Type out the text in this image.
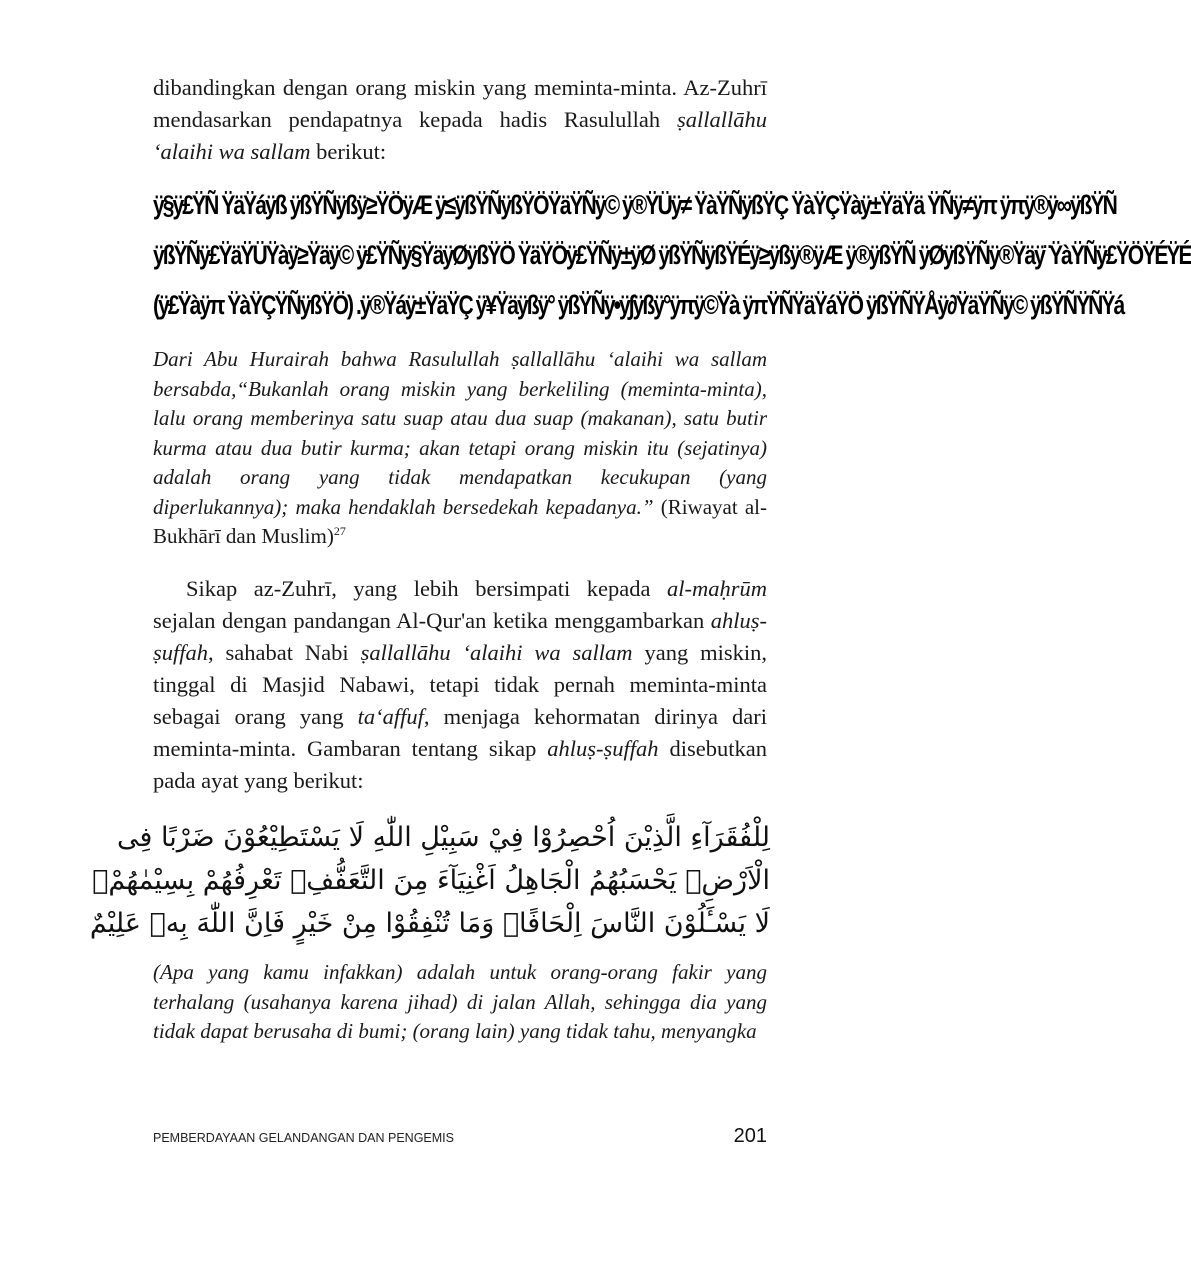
dibandingkan dengan orang miskin yang meminta-minta. Az-Zuhrī mendasarkan pendapatnya kepada hadis Rasulullah ṣallallāhu ‘alaihi wa sallam berikut:

ÿ§ÿ£ŸÑ ŸäŸáÿß ÿßŸÑÿßÿ≥ŸÖÿÆ ÿ≤ÿßŸÑÿßŸÖŸäŸÑÿ© ÿ®ŸÜÿ≠ ŸàŸÑÿßŸÇ ŸàŸÇŸàÿ±ŸäŸä ŸÑÿ≠ÿπ ÿπÿ®ÿ∞ÿßŸÑ
ÿßŸÑÿ£ŸäŸÜŸàÿ≥Ÿäÿ© ÿ£ŸÑÿ§ŸäÿØÿßŸÖ ŸäŸÖÿ£ŸÑÿ±ÿØ ÿßŸÑÿßŸÉÿ≥ÿßÿ®ÿÆ ÿ®ÿßŸÑ ÿØÿßŸÑÿ®Ÿäÿ¨ŸàŸÑÿ£ŸÖŸÉŸÉ
(ÿ£Ÿàÿπ ŸàŸÇŸÑÿßŸÖ) .ÿ®Ÿáÿ±ŸäŸÇ ÿ¥Ÿäÿßÿ° ÿßŸÑÿ•ÿ∫ÿßÿ°ÿπÿ©Ÿà ÿπŸÑŸäŸáŸÖ ÿßŸÑŸÅÿ∂ŸäŸÑÿ© ÿßŸÑŸÑŸá

Dari Abu Hurairah bahwa Rasulullah ṣallallāhu ‘alaihi wa sallam bersabda,“Bukanlah orang miskin yang berkeliling (meminta-minta), lalu orang memberinya satu suap atau dua suap (makanan), satu butir kurma atau dua butir kurma; akan tetapi orang miskin itu (sejatinya) adalah orang yang tidak mendapatkan kecukupan (yang diperlukannya); maka hendaklah bersedekah kepadanya.” (Riwayat al-Bukhārī dan Muslim)$^{27}$

Sikap az-Zuhrī, yang lebih bersimpati kepada al-maḥrūm sejalan dengan pandangan Al-Qur'an ketika menggambarkan ahluṣ-ṣuffah, sahabat Nabi ṣallallāhu ‘alaihi wa sallam yang miskin, tinggal di Masjid Nabawi, tetapi tidak pernah meminta-minta sebagai orang yang ta‘affuf, menjaga kehormatan dirinya dari meminta-minta. Gambaran tentang sikap ahluṣ-ṣuffah disebutkan pada ayat yang berikut:

لِلْفُقَرَآءِ الَّذِيْنَ اُحْصِرُوْا فِيْ سَبِيْلِ اللّٰهِ لَا يَسْتَطِيْعُوْنَ ضَرْبًا فِى
الْاَرْضِۖ يَحْسَبُهُمُ الْجَاهِلُ اَغْنِيَآءَ مِنَ التَّعَفُّفِۚ تَعْرِفُهُمْ بِسِيْمٰهُمْۚ
لَا يَسْـَٔلُوْنَ النَّاسَ اِلْحَافًاۗ وَمَا تُنْفِقُوْا مِنْ خَيْرٍ فَاِنَّ اللّٰهَ بِهٖ عَلِيْمٌ

(Apa yang kamu infakkan) adalah untuk orang-orang fakir yang terhalang (usahanya karena jihad) di jalan Allah, sehingga dia yang tidak dapat berusaha di bumi; (orang lain) yang tidak tahu, menyangka

PEMBERDAYAAN GELANDANGAN DAN PENGEMIS	201
